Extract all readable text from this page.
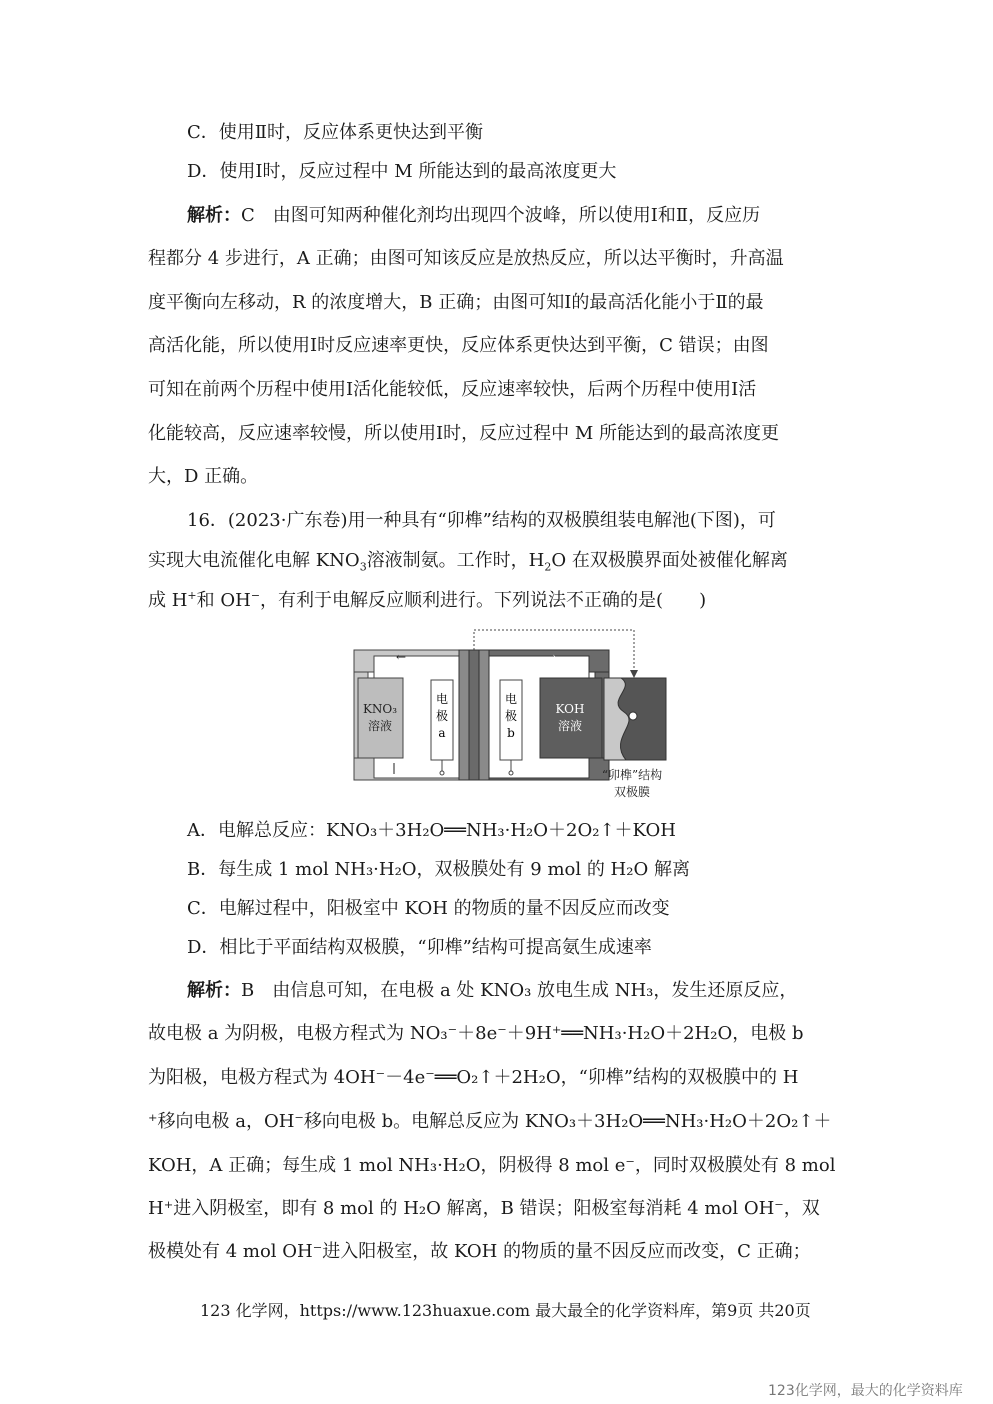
C．使用Ⅱ时，反应体系更快达到平衡
D．使用Ⅰ时，反应过程中 M 所能达到的最高浓度更大
解析：C　由图可知两种催化剂均出现四个波峰，所以使用Ⅰ和Ⅱ，反应历
程都分 4 步进行，A 正确；由图可知该反应是放热反应，所以达平衡时，升高温
度平衡向左移动，R 的浓度增大，B 正确；由图可知Ⅰ的最高活化能小于Ⅱ的最
高活化能，所以使用Ⅰ时反应速率更快，反应体系更快达到平衡，C 错误；由图
可知在前两个历程中使用Ⅰ活化能较低，反应速率较快，后两个历程中使用Ⅰ活
化能较高，反应速率较慢，所以使用Ⅰ时，反应过程中 M 所能达到的最高浓度更
大，D 正确。
16．(2023·广东卷)用一种具有“卯榫”结构的双极膜组装电解池(下图)，可
实现大电流催化电解 $KNO_3$溶液制氨。工作时，$H_2O$ 在双极膜界面处被催化解离
成 H+和 OH−，有利于电解反应顺利进行。下列说法不正确的是(　　)
KNO₃
溶液
←
电
极
a
KOH
溶液
→
电
极
b
“卯榫”结构
双极膜
A．电解总反应：KNO₃＋3H₂O══NH₃·H₂O＋2O₂↑＋KOH
B．每生成 1 mol NH₃·H₂O，双极膜处有 9 mol 的 H₂O 解离
C．电解过程中，阳极室中 KOH 的物质的量不因反应而改变
D．相比于平面结构双极膜，“卯榫”结构可提高氨生成速率
解析：B　由信息可知，在电极 a 处 KNO₃ 放电生成 NH₃，发生还原反应，
故电极 a 为阴极，电极方程式为 NO₃⁻＋8e⁻＋9H⁺══NH₃·H₂O＋2H₂O，电极 b
为阳极，电极方程式为 4OH⁻－4e⁻══O₂↑＋2H₂O，“卯榫”结构的双极膜中的 H
⁺移向电极 a，OH⁻移向电极 b。电解总反应为 KNO₃＋3H₂O══NH₃·H₂O＋2O₂↑＋
KOH，A 正确；每生成 1 mol NH₃·H₂O，阴极得 8 mol e⁻，同时双极膜处有 8 mol
H⁺进入阴极室，即有 8 mol 的 H₂O 解离，B 错误；阳极室每消耗 4 mol OH⁻，双
极模处有 4 mol OH⁻进入阳极室，故 KOH 的物质的量不因反应而改变，C 正确；
123 化学网，https://www.123huaxue.com 最大最全的化学资料库，第9页 共20页
123化学网，最大的化学资料库
